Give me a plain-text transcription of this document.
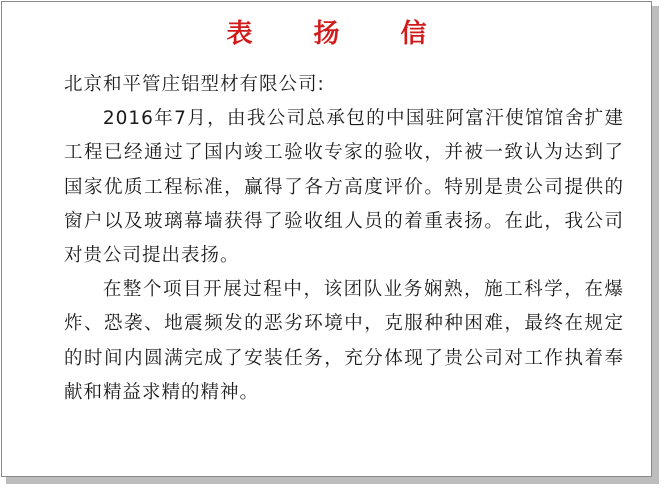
表 扬 信

北京和平管庄铝型材有限公司:

2016年7月，由我公司总承包的中国驻阿富汗使馆馆舍扩建工程已经通过了国内竣工验收专家的验收，并被一致认为达到了国家优质工程标准，赢得了各方高度评价。特别是贵公司提供的窗户以及玻璃幕墙获得了验收组人员的着重表扬。在此，我公司对贵公司提出表扬。

在整个项目开展过程中，该团队业务娴熟，施工科学，在爆炸、恐袭、地震频发的恶劣环境中，克服种种困难，最终在规定的时间内圆满完成了安装任务，充分体现了贵公司对工作执着奉献和精益求精的精神。
